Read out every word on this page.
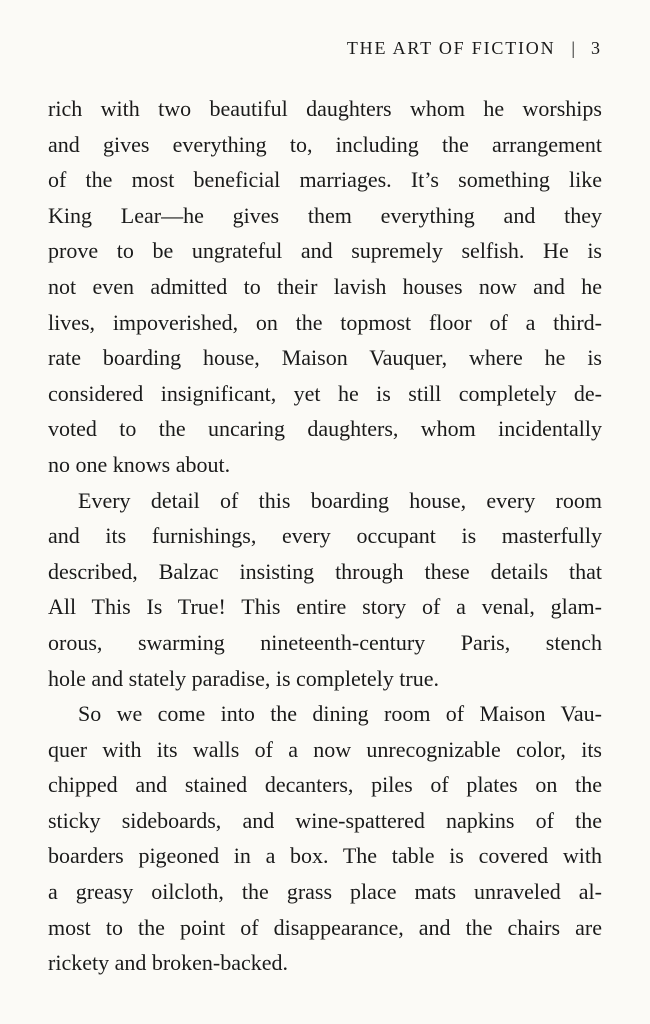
THE ART OF FICTION | 3

rich with two beautiful daughters whom he worships
and gives everything to, including the arrangement
of the most beneficial marriages. It’s something like
King Lear—he gives them everything and they
prove to be ungrateful and supremely selfish. He is
not even admitted to their lavish houses now and he
lives, impoverished, on the topmost floor of a third-
rate boarding house, Maison Vauquer, where he is
considered insignificant, yet he is still completely de-
voted to the uncaring daughters, whom incidentally
no one knows about.

Every detail of this boarding house, every room
and its furnishings, every occupant is masterfully
described, Balzac insisting through these details that
All This Is True! This entire story of a venal, glam-
orous, swarming nineteenth-century Paris, stench
hole and stately paradise, is completely true.

So we come into the dining room of Maison Vau-
quer with its walls of a now unrecognizable color, its
chipped and stained decanters, piles of plates on the
sticky sideboards, and wine-spattered napkins of the
boarders pigeoned in a box. The table is covered with
a greasy oilcloth, the grass place mats unraveled al-
most to the point of disappearance, and the chairs are
rickety and broken-backed.
